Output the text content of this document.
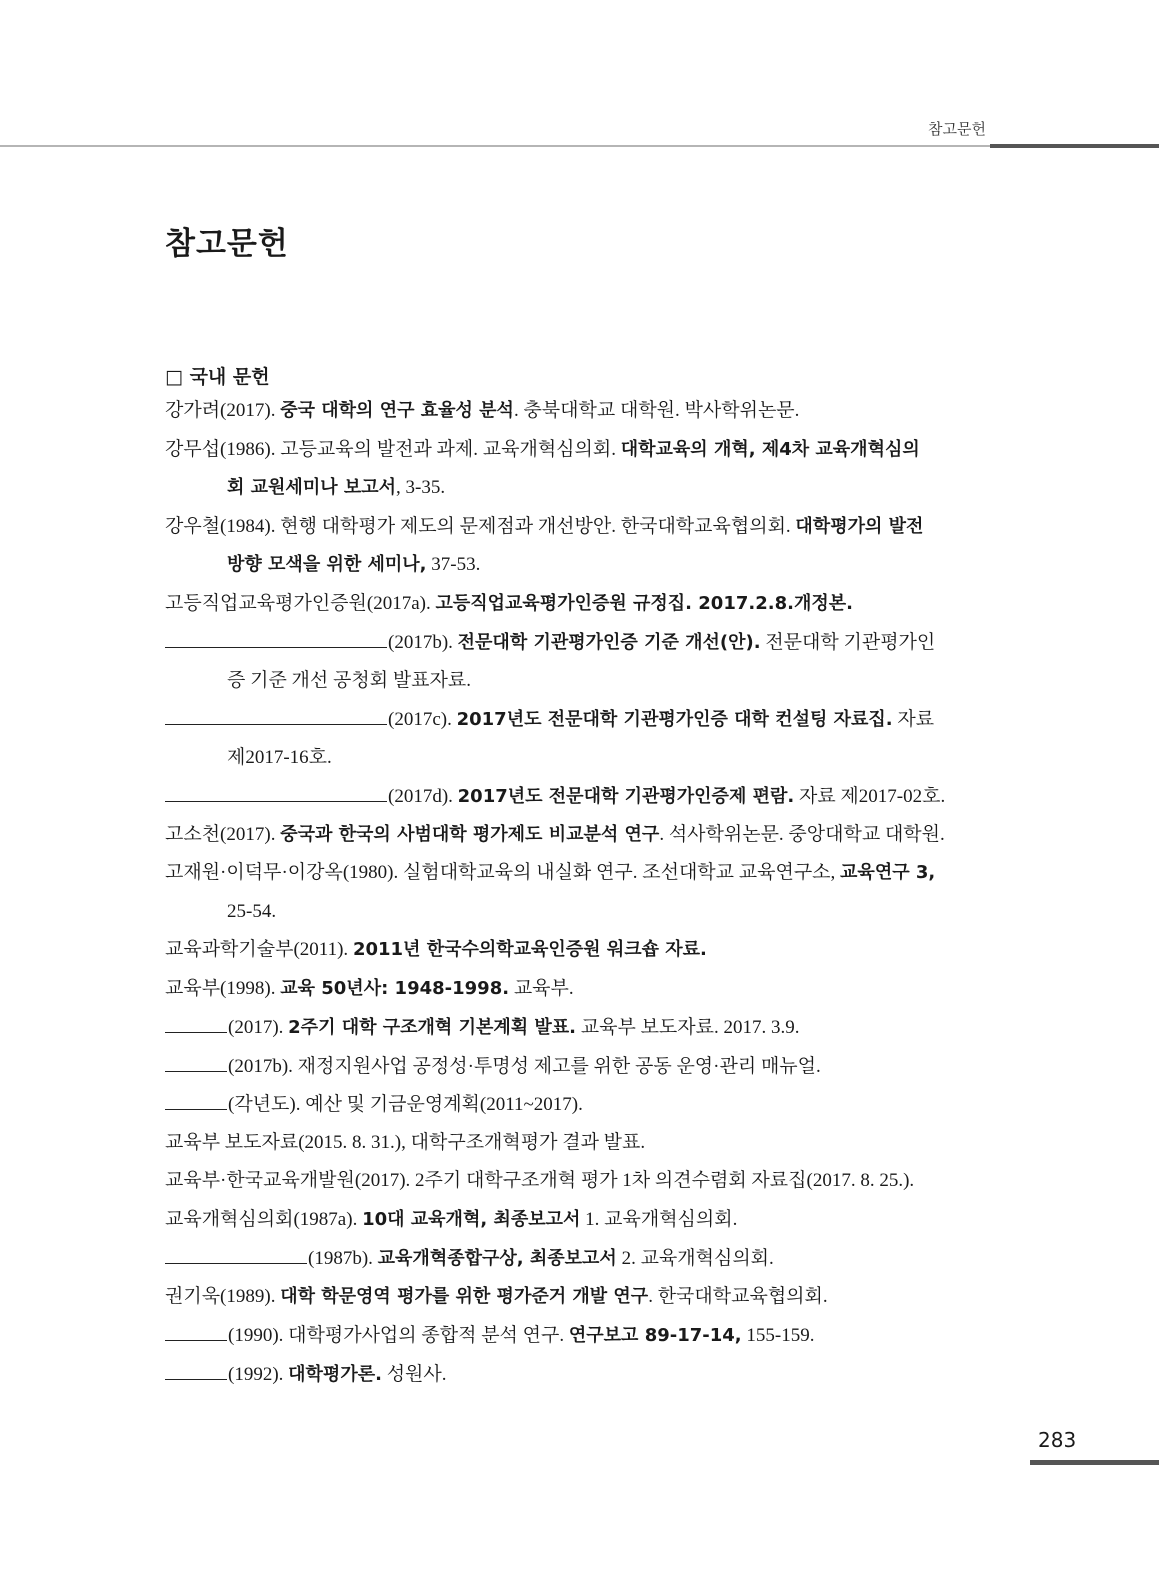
참고문헌
참고문헌
□ 국내 문헌
강가려(2017). 중국 대학의 연구 효율성 분석. 충북대학교 대학원. 박사학위논문.
강무섭(1986). 고등교육의 발전과 과제. 교육개혁심의회. 대학교육의 개혁, 제4차 교육개혁심의
회 교원세미나 보고서, 3-35.
강우철(1984). 현행 대학평가 제도의 문제점과 개선방안. 한국대학교육협의회. 대학평가의 발전
방향 모색을 위한 세미나, 37-53.
고등직업교육평가인증원(2017a). 고등직업교육평가인증원 규정집. 2017.2.8.개정본.
(2017b). 전문대학 기관평가인증 기준 개선(안). 전문대학 기관평가인
증 기준 개선 공청회 발표자료.
(2017c). 2017년도 전문대학 기관평가인증 대학 컨설팅 자료집. 자료
제2017-16호.
(2017d). 2017년도 전문대학 기관평가인증제 편람. 자료 제2017-02호.
고소천(2017). 중국과 한국의 사범대학 평가제도 비교분석 연구. 석사학위논문. 중앙대학교 대학원.
고재원·이덕무·이강옥(1980). 실험대학교육의 내실화 연구. 조선대학교 교육연구소, 교육연구 3,
25-54.
교육과학기술부(2011). 2011년 한국수의학교육인증원 워크숍 자료.
교육부(1998). 교육 50년사: 1948-1998. 교육부.
(2017). 2주기 대학 구조개혁 기본계획 발표. 교육부 보도자료. 2017. 3.9.
(2017b). 재정지원사업 공정성·투명성 제고를 위한 공동 운영·관리 매뉴얼.
(각년도). 예산 및 기금운영계획(2011~2017).
교육부 보도자료(2015. 8. 31.), 대학구조개혁평가 결과 발표.
교육부·한국교육개발원(2017). 2주기 대학구조개혁 평가 1차 의견수렴회 자료집(2017. 8. 25.).
교육개혁심의회(1987a). 10대 교육개혁, 최종보고서 1. 교육개혁심의회.
(1987b). 교육개혁종합구상, 최종보고서 2. 교육개혁심의회.
권기욱(1989). 대학 학문영역 평가를 위한 평가준거 개발 연구. 한국대학교육협의회.
(1990). 대학평가사업의 종합적 분석 연구. 연구보고 89-17-14, 155-159.
(1992). 대학평가론. 성원사.
283
